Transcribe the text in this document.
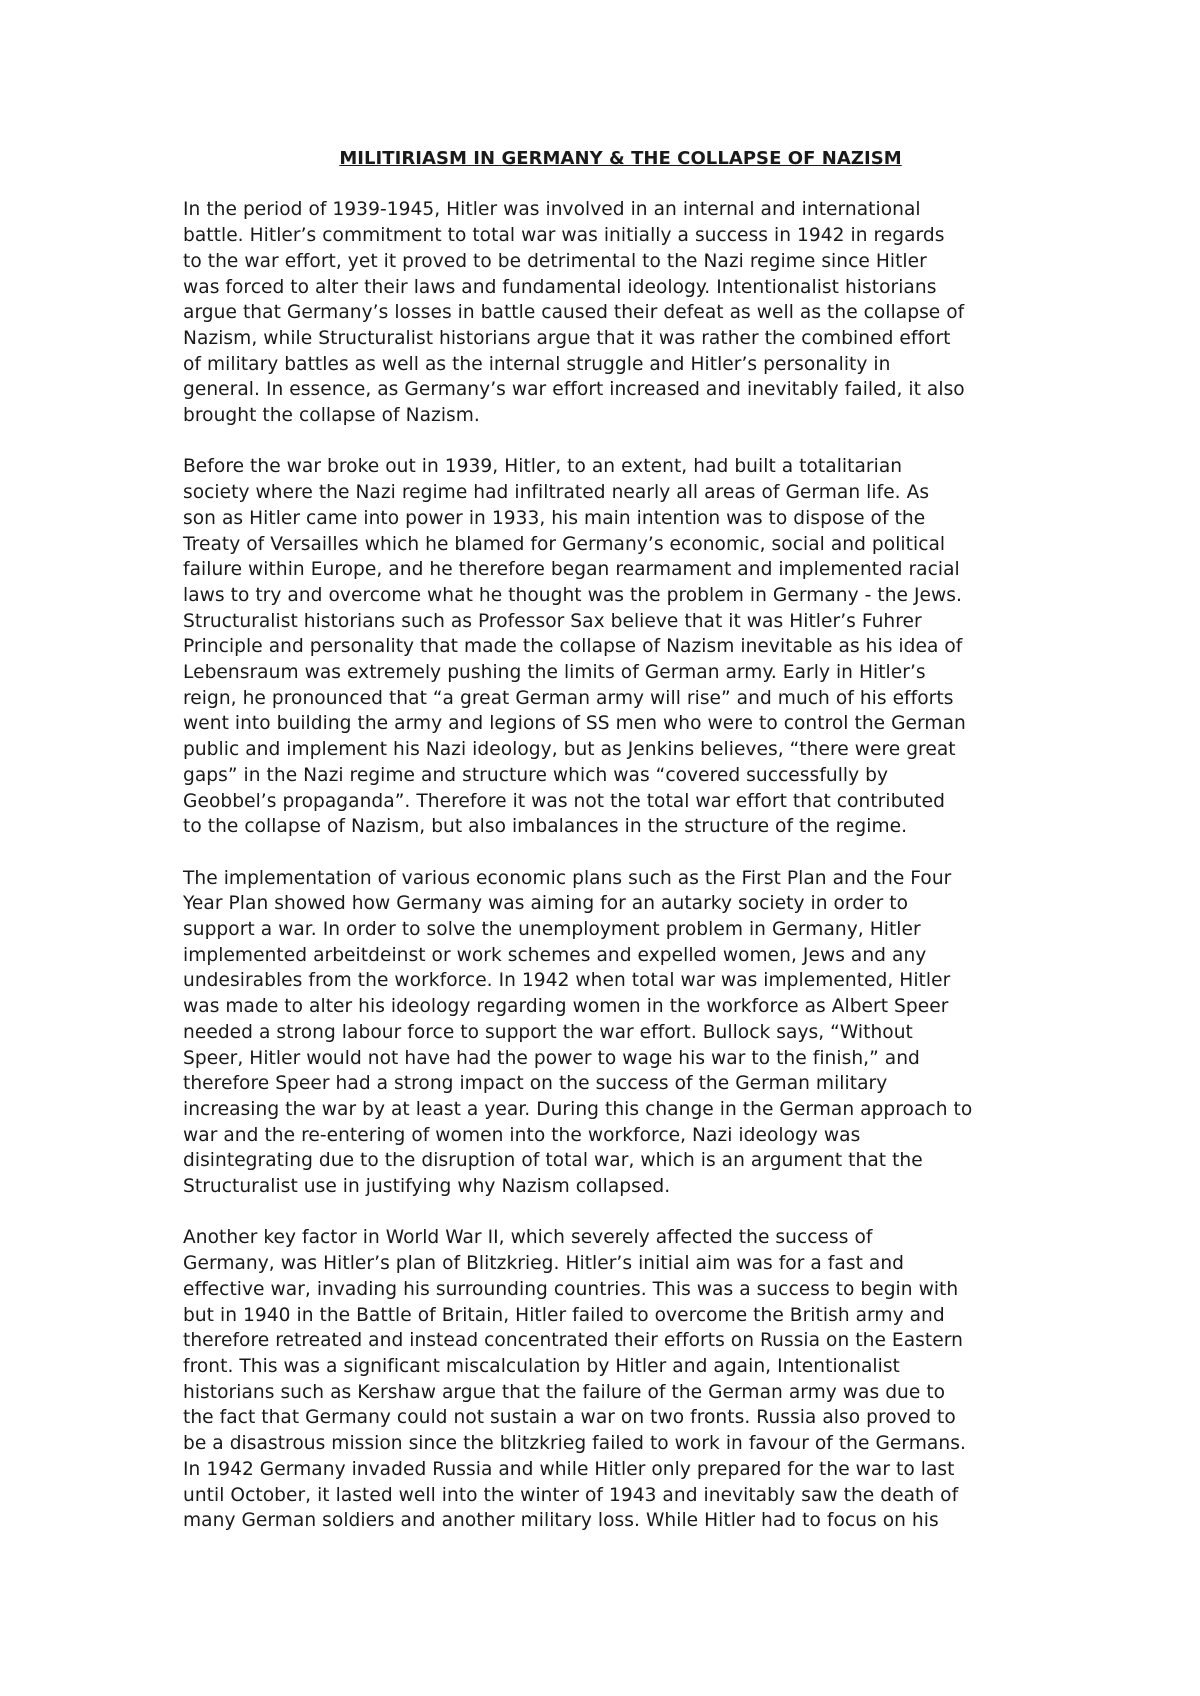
MILITIRIASM IN GERMANY & THE COLLAPSE OF NAZISM

In the period of 1939-1945, Hitler was involved in an internal and international
battle. Hitler’s commitment to total war was initially a success in 1942 in regards
to the war effort, yet it proved to be detrimental to the Nazi regime since Hitler
was forced to alter their laws and fundamental ideology. Intentionalist historians
argue that Germany’s losses in battle caused their defeat as well as the collapse of
Nazism, while Structuralist historians argue that it was rather the combined effort
of military battles as well as the internal struggle and Hitler’s personality in
general. In essence, as Germany’s war effort increased and inevitably failed, it also
brought the collapse of Nazism.

Before the war broke out in 1939, Hitler, to an extent, had built a totalitarian
society where the Nazi regime had infiltrated nearly all areas of German life. As
son as Hitler came into power in 1933, his main intention was to dispose of the
Treaty of Versailles which he blamed for Germany’s economic, social and political
failure within Europe, and he therefore began rearmament and implemented racial
laws to try and overcome what he thought was the problem in Germany - the Jews.
Structuralist historians such as Professor Sax believe that it was Hitler’s Fuhrer
Principle and personality that made the collapse of Nazism inevitable as his idea of
Lebensraum was extremely pushing the limits of German army. Early in Hitler’s
reign, he pronounced that “a great German army will rise” and much of his efforts
went into building the army and legions of SS men who were to control the German
public and implement his Nazi ideology, but as Jenkins believes, “there were great
gaps” in the Nazi regime and structure which was “covered successfully by
Geobbel’s propaganda”. Therefore it was not the total war effort that contributed
to the collapse of Nazism, but also imbalances in the structure of the regime.

The implementation of various economic plans such as the First Plan and the Four
Year Plan showed how Germany was aiming for an autarky society in order to
support a war. In order to solve the unemployment problem in Germany, Hitler
implemented arbeitdeinst or work schemes and expelled women, Jews and any
undesirables from the workforce. In 1942 when total war was implemented, Hitler
was made to alter his ideology regarding women in the workforce as Albert Speer
needed a strong labour force to support the war effort. Bullock says, “Without
Speer, Hitler would not have had the power to wage his war to the finish,” and
therefore Speer had a strong impact on the success of the German military
increasing the war by at least a year. During this change in the German approach to
war and the re-entering of women into the workforce, Nazi ideology was
disintegrating due to the disruption of total war, which is an argument that the
Structuralist use in justifying why Nazism collapsed.

Another key factor in World War II, which severely affected the success of
Germany, was Hitler’s plan of Blitzkrieg. Hitler’s initial aim was for a fast and
effective war, invading his surrounding countries. This was a success to begin with
but in 1940 in the Battle of Britain, Hitler failed to overcome the British army and
therefore retreated and instead concentrated their efforts on Russia on the Eastern
front. This was a significant miscalculation by Hitler and again, Intentionalist
historians such as Kershaw argue that the failure of the German army was due to
the fact that Germany could not sustain a war on two fronts. Russia also proved to
be a disastrous mission since the blitzkrieg failed to work in favour of the Germans.
In 1942 Germany invaded Russia and while Hitler only prepared for the war to last
until October, it lasted well into the winter of 1943 and inevitably saw the death of
many German soldiers and another military loss. While Hitler had to focus on his
